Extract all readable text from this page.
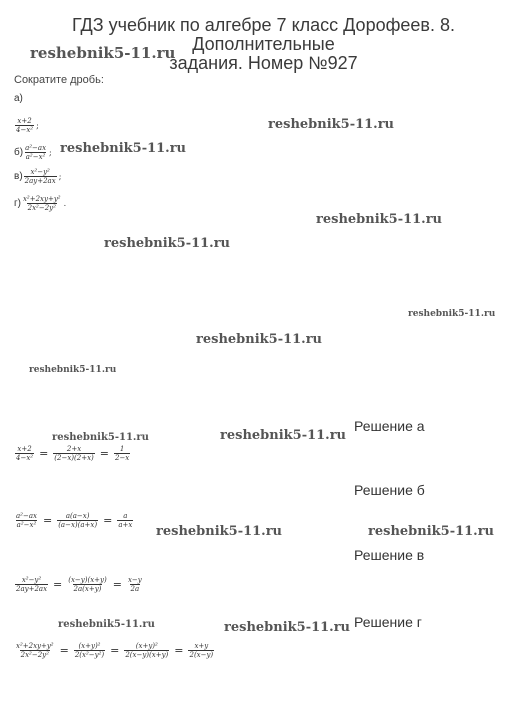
ГДЗ учебник по алгебре 7 класс Дорофеев. 8. Дополнительные
задания. Номер №927
reshebnik5-11.ru
reshebnik5-11.ru
reshebnik5-11.ru
reshebnik5-11.ru
reshebnik5-11.ru
reshebnik5-11.ru
reshebnik5-11.ru
reshebnik5-11.ru
reshebnik5-11.ru	reshebnik5-11.ru
reshebnik5-11.ru	reshebnik5-11.ru
reshebnik5-11.ru	reshebnik5-11.ru
Сократите дробь:
а)
$\frac{x+2}{\text{4−x²}}$ ;
$б) \frac{\text{a²−ax}}{\text{a²−x²}}$ ;
$в) \frac{\text{x²−y²}}{2ay+2ax}$ ;
$г) \frac{\text{x²+2xy+y²}}{\text{2x²−2y²}}$ .
Решение а
$\frac{x+2}{\text{4−x²}} = \frac{2+x}{(2-x)(2+x)} = \frac{1}{2-x}$
Решение б
$\frac{\text{a²−ax}}{\text{a²−x²}} = \frac{a(a-x)}{(a-x)(a+x)} = \frac{a}{a+x}$
Решение в
$\frac{\text{x²−y²}}{2ay+2ax} = \frac{(x-y)(x+y)}{2a(x+y)} = \frac{x-y}{2a}$
Решение г
$\frac{\text{x²+2xy+y²}}{\text{2x²−2y²}} = \frac{\text{(x+y)²}}{\text{2(x²−y²)}} = \frac{\text{(x+y)²}}{2(x-y)(x+y)} = \frac{x+y}{2(x-y)}$
